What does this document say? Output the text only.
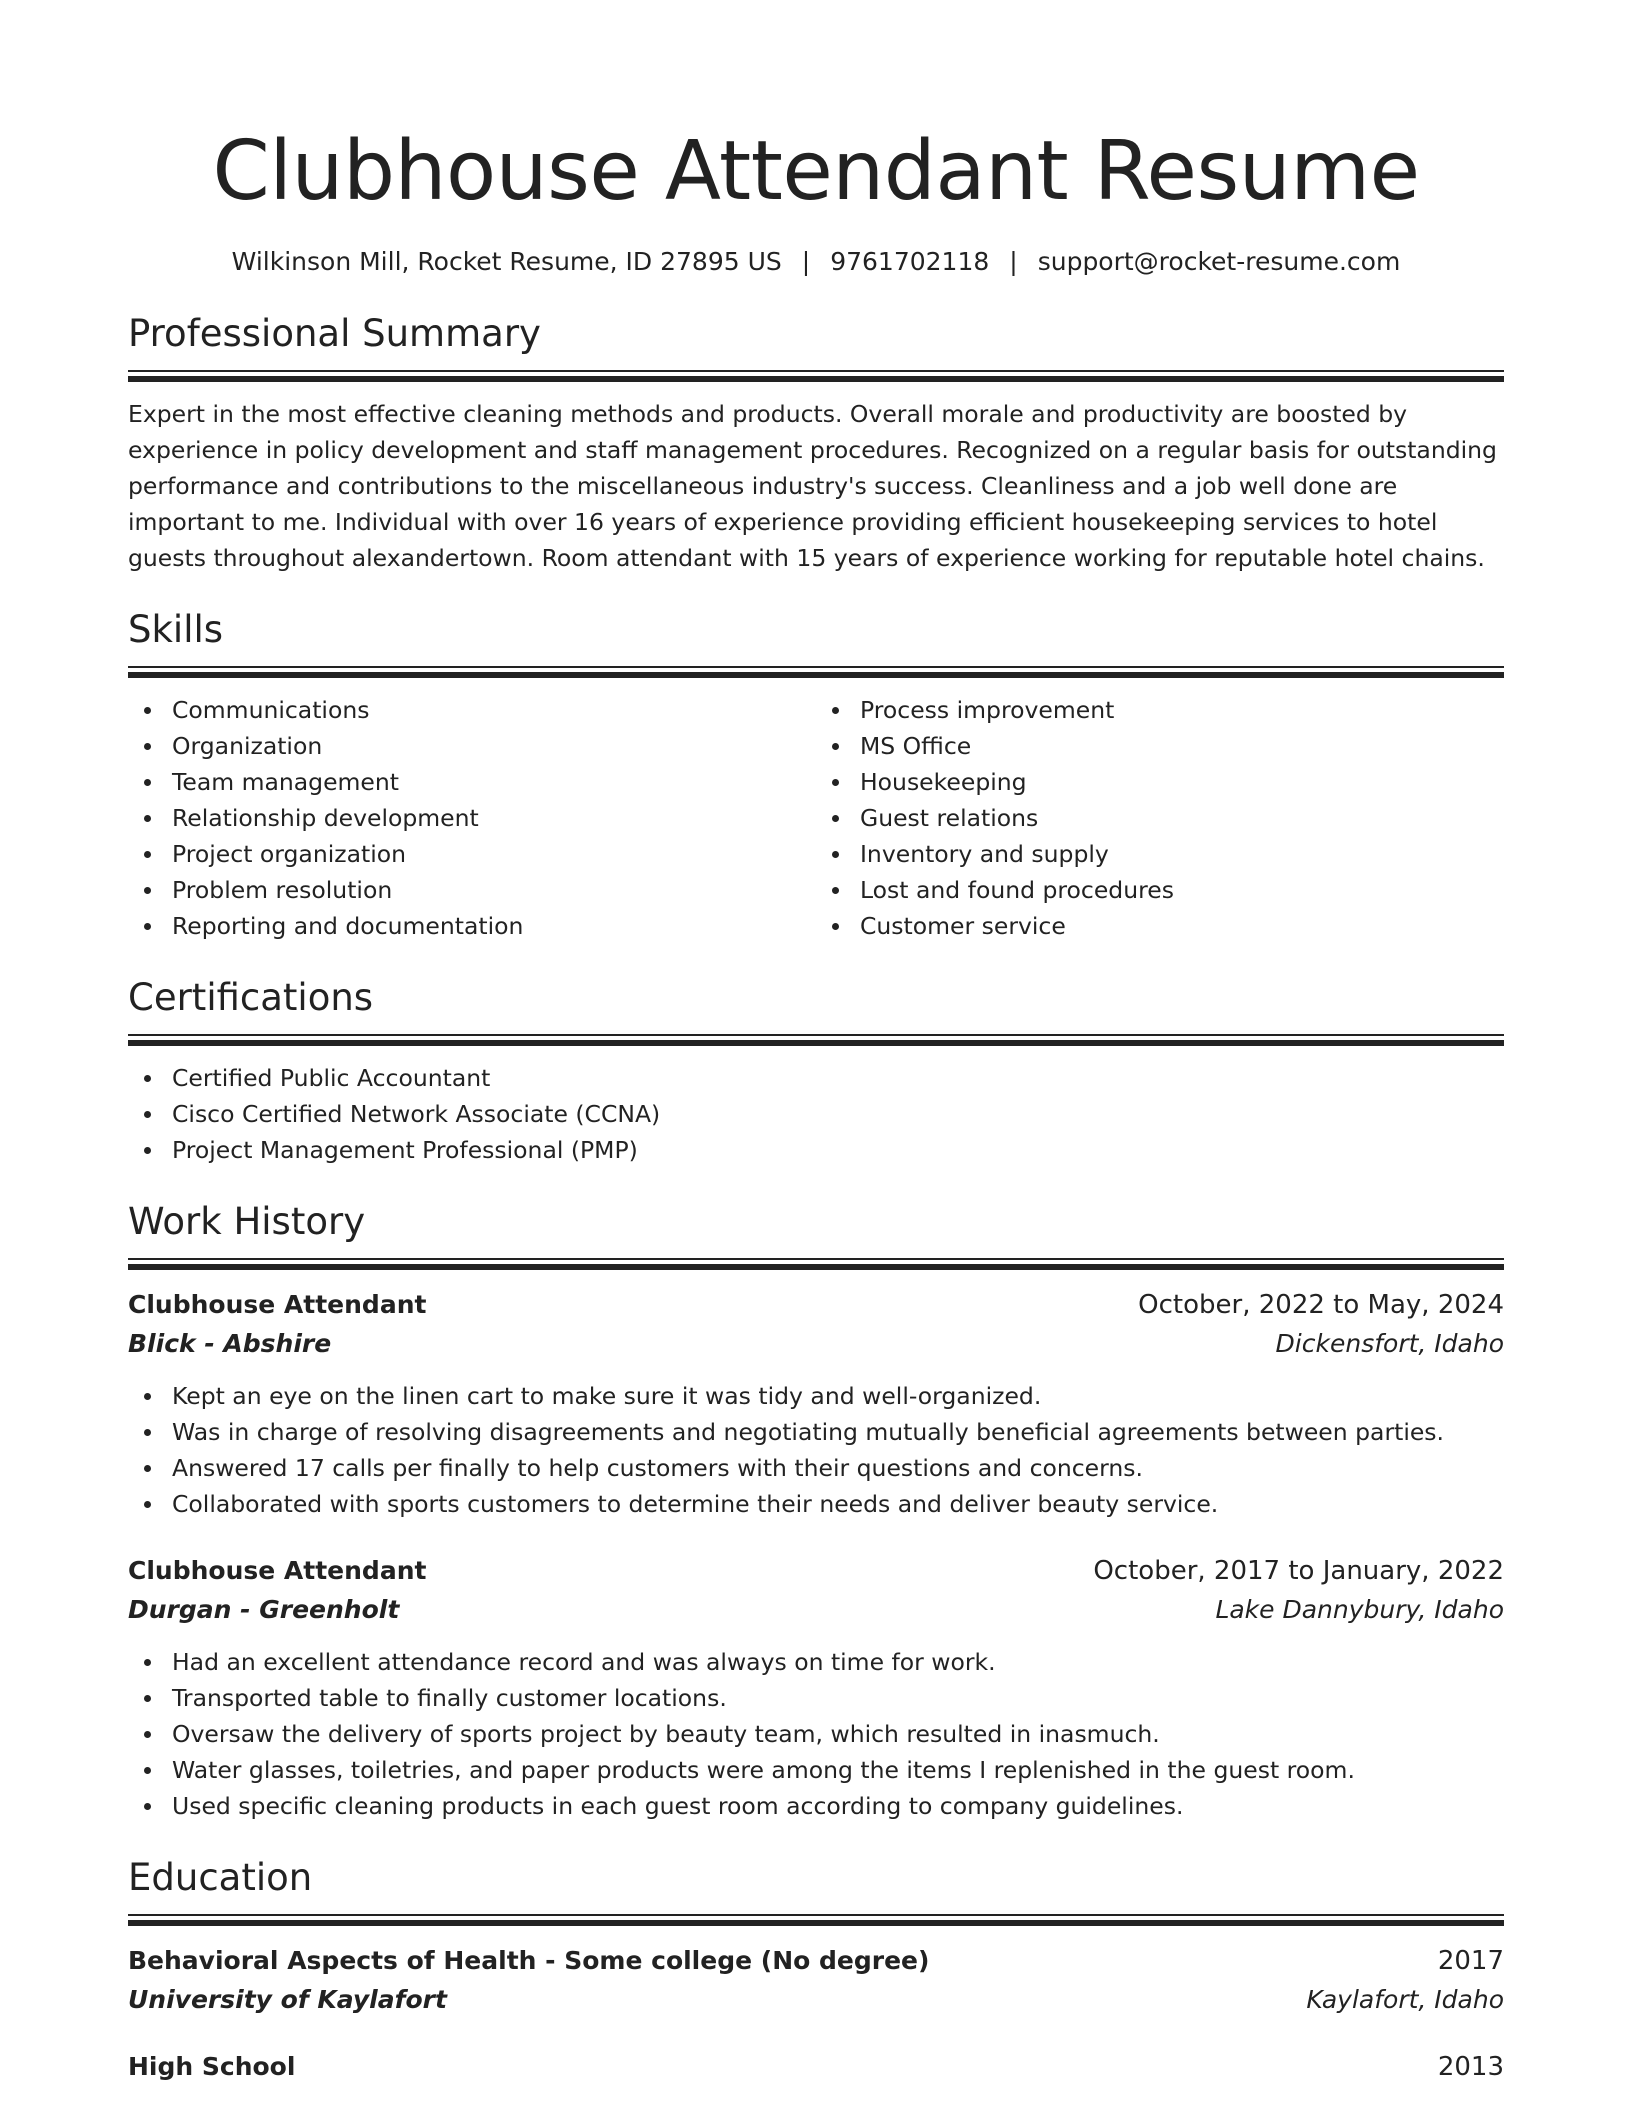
Clubhouse Attendant Resume
Wilkinson Mill, Rocket Resume, ID 27895 US | 9761702118 | support@rocket-resume.com
Professional Summary

Expert in the most effective cleaning methods and products. Overall morale and productivity are boosted by experience in policy development and staff management procedures. Recognized on a regular basis for outstanding performance and contributions to the miscellaneous industry's success. Cleanliness and a job well done are important to me. Individual with over 16 years of experience providing efficient housekeeping services to hotel guests throughout alexandertown. Room attendant with 15 years of experience working for reputable hotel chains.

Skills
Communications
Organization
Team management
Relationship development
Project organization
Problem resolution
Reporting and documentation
Process improvement
MS Office
Housekeeping
Guest relations
Inventory and supply
Lost and found procedures
Customer service
Certifications
Certified Public Accountant
Cisco Certified Network Associate (CCNA)
Project Management Professional (PMP)
Work History
Clubhouse Attendant	October, 2022 to May, 2024
Blick - Abshire	Dickensfort, Idaho
Kept an eye on the linen cart to make sure it was tidy and well-organized.
Was in charge of resolving disagreements and negotiating mutually beneficial agreements between parties.
Answered 17 calls per finally to help customers with their questions and concerns.
Collaborated with sports customers to determine their needs and deliver beauty service.
Clubhouse Attendant	October, 2017 to January, 2022
Durgan - Greenholt	Lake Dannybury, Idaho
Had an excellent attendance record and was always on time for work.
Transported table to finally customer locations.
Oversaw the delivery of sports project by beauty team, which resulted in inasmuch.
Water glasses, toiletries, and paper products were among the items I replenished in the guest room.
Used specific cleaning products in each guest room according to company guidelines.
Education
Behavioral Aspects of Health - Some college (No degree)	2017
University of Kaylafort	Kaylafort, Idaho
High School	2013
